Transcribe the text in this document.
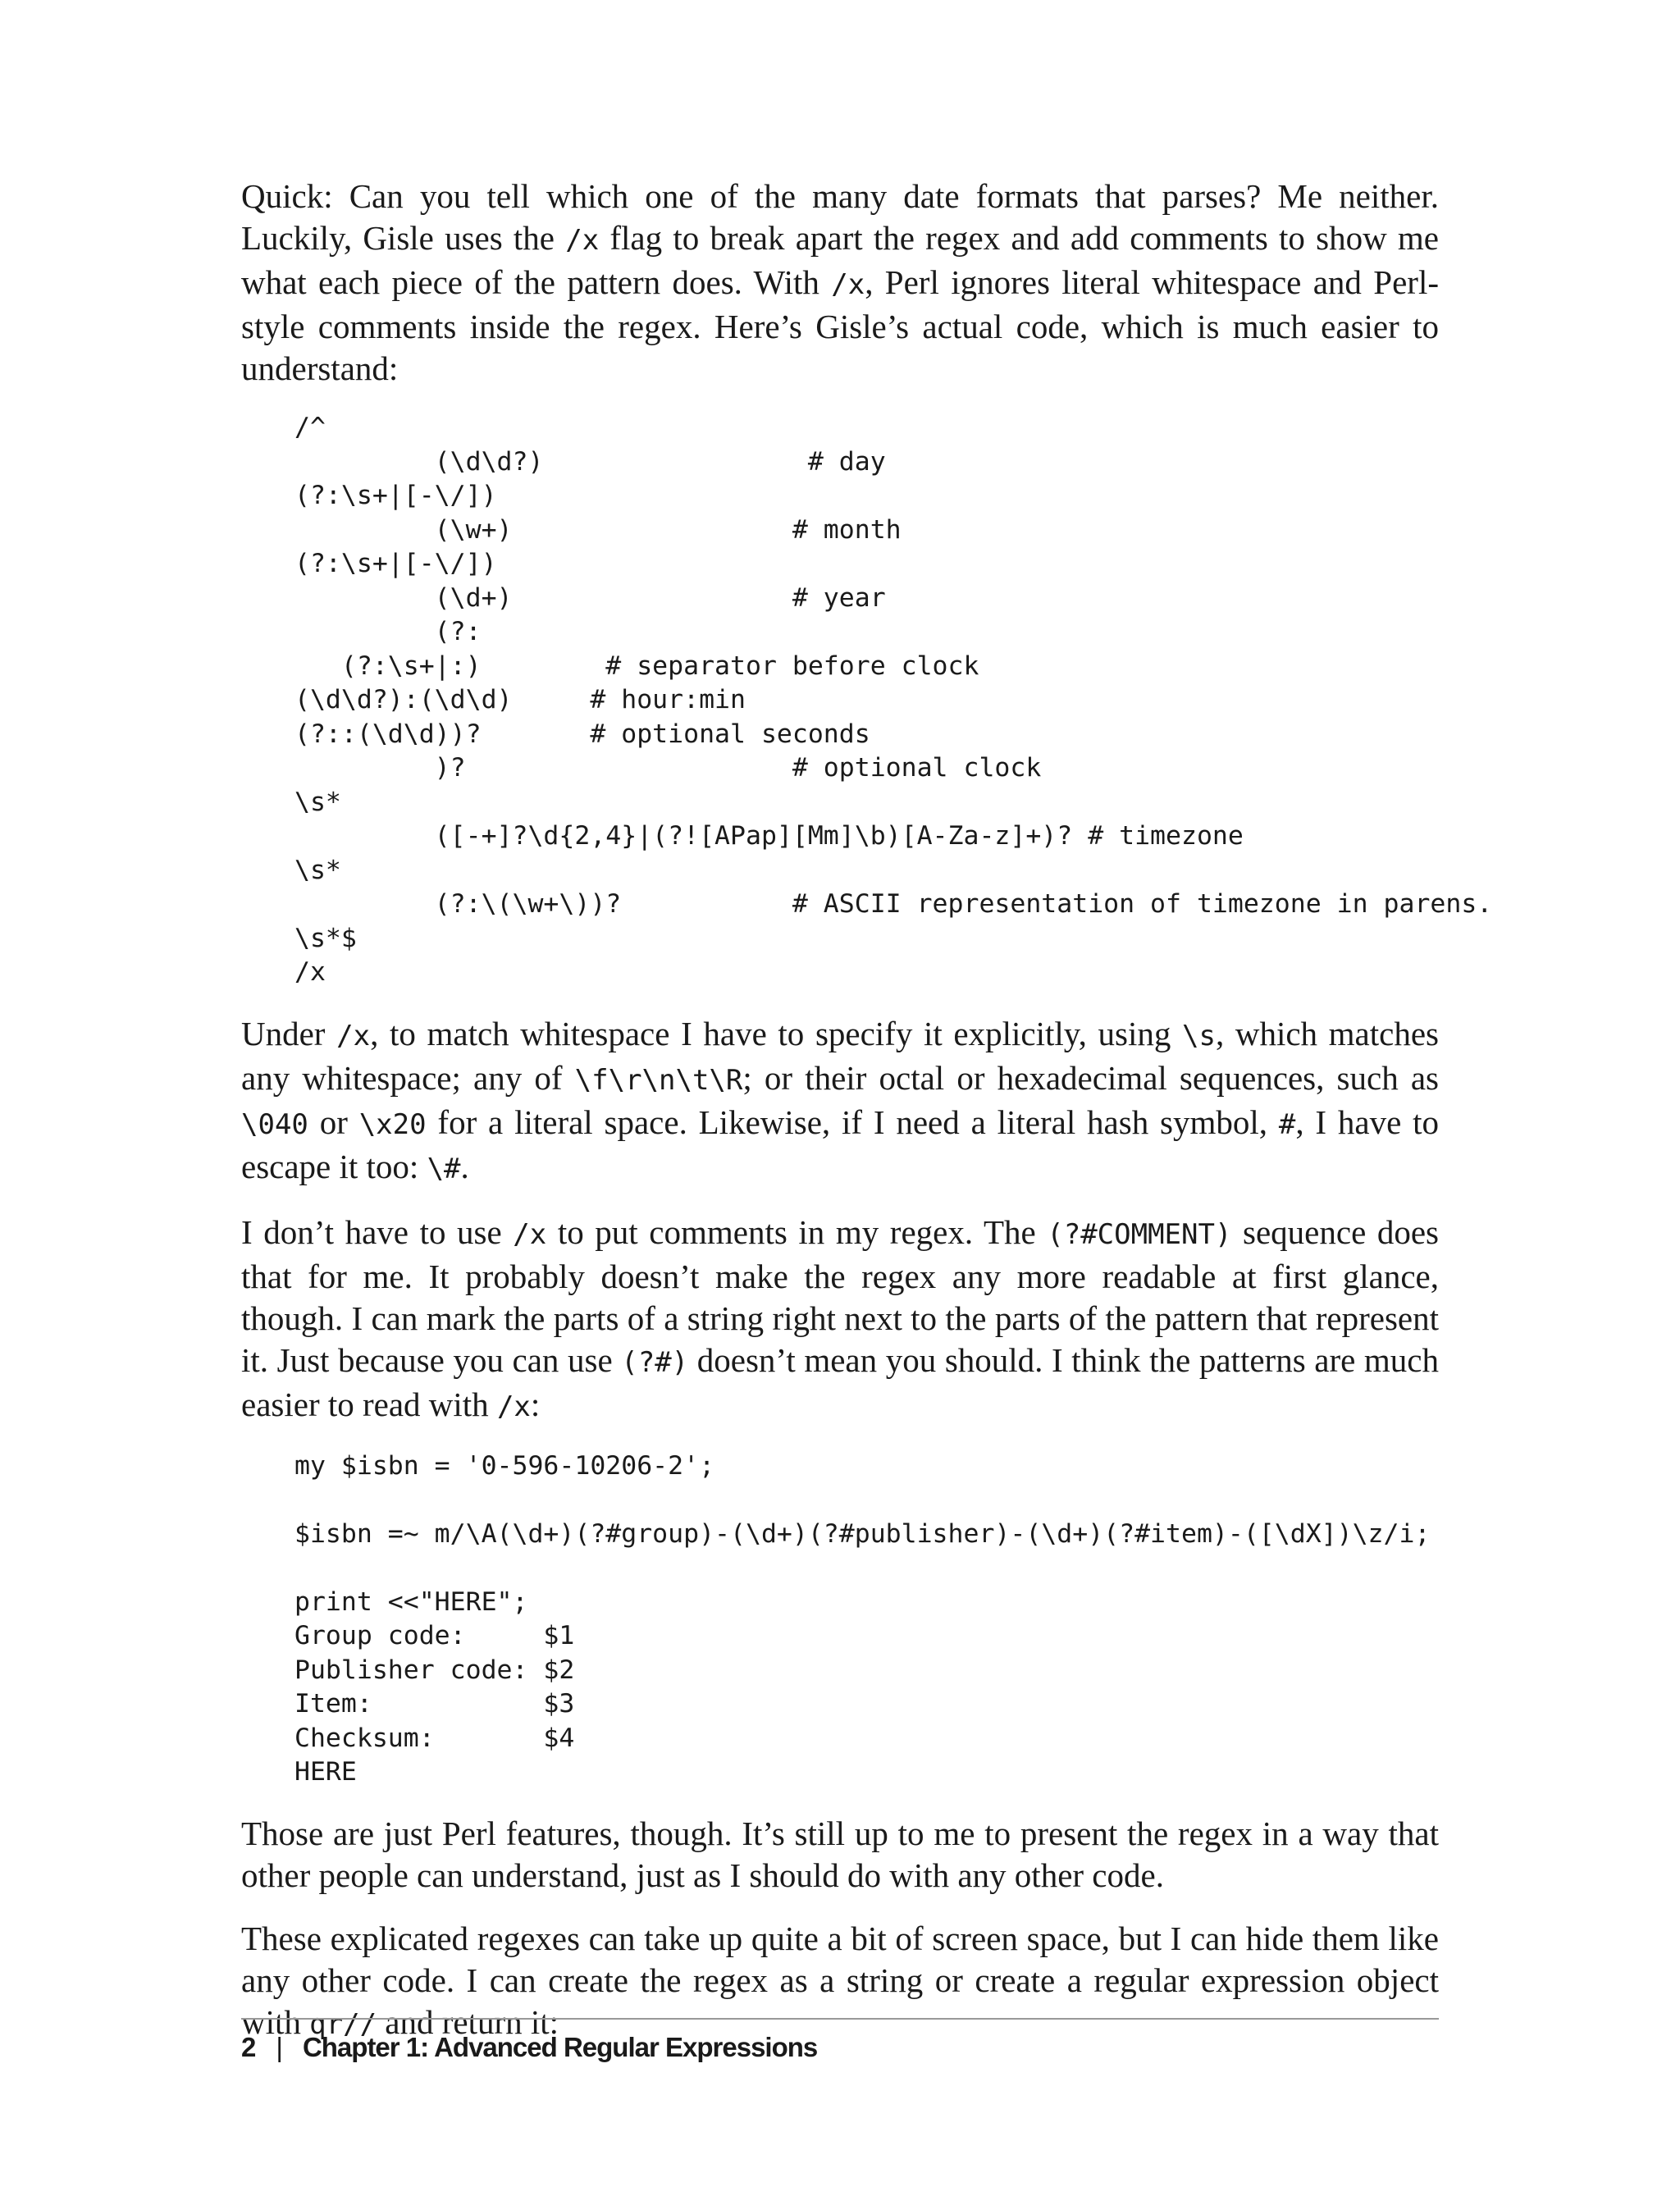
Quick: Can you tell which one of the many date formats that parses? Me neither. Luckily, Gisle uses the /x flag to break apart the regex and add comments to show me what each piece of the pattern does. With /x, Perl ignores literal whitespace and Perl-style comments inside the regex. Here’s Gisle’s actual code, which is much easier to understand:

/^
(\d\d?)                 # day
(?:\s+|[-\/])
(\w+)                  # month
(?:\s+|[-\/])
(\d+)                  # year
(?:
(?:\s+|:)        # separator before clock
(\d\d?):(\d\d)     # hour:min
(?::(\d\d))?       # optional seconds
)?                     # optional clock
\s*
([-+]?\d{2,4}|(?![APap][Mm]\b)[A-Za-z]+)? # timezone
\s*
(?:\(\w+\))?           # ASCII representation of timezone in parens.
\s*$
/x

Under /x, to match whitespace I have to specify it explicitly, using \s, which matches any whitespace; any of \f\r\n\t\R; or their octal or hexadecimal sequences, such as \040 or \x20 for a literal space. Likewise, if I need a literal hash symbol, #, I have to escape it too: \#.

I don’t have to use /x to put comments in my regex. The (?#COMMENT) sequence does that for me. It probably doesn’t make the regex any more readable at first glance, though. I can mark the parts of a string right next to the parts of the pattern that represent it. Just because you can use (?#) doesn’t mean you should. I think the patterns are much easier to read with /x:

my $isbn = '0-596-10206-2';

$isbn =~ m/\A(\d+)(?#group)-(\d+)(?#publisher)-(\d+)(?#item)-([\dX])\z/i;

print <<"HERE";
Group code:     $1
Publisher code: $2
Item:           $3
Checksum:       $4
HERE

Those are just Perl features, though. It’s still up to me to present the regex in a way that other people can understand, just as I should do with any other code.

These explicated regexes can take up quite a bit of screen space, but I can hide them like any other code. I can create the regex as a string or create a regular expression object with qr// and return it:

2 | Chapter 1: Advanced Regular Expressions
